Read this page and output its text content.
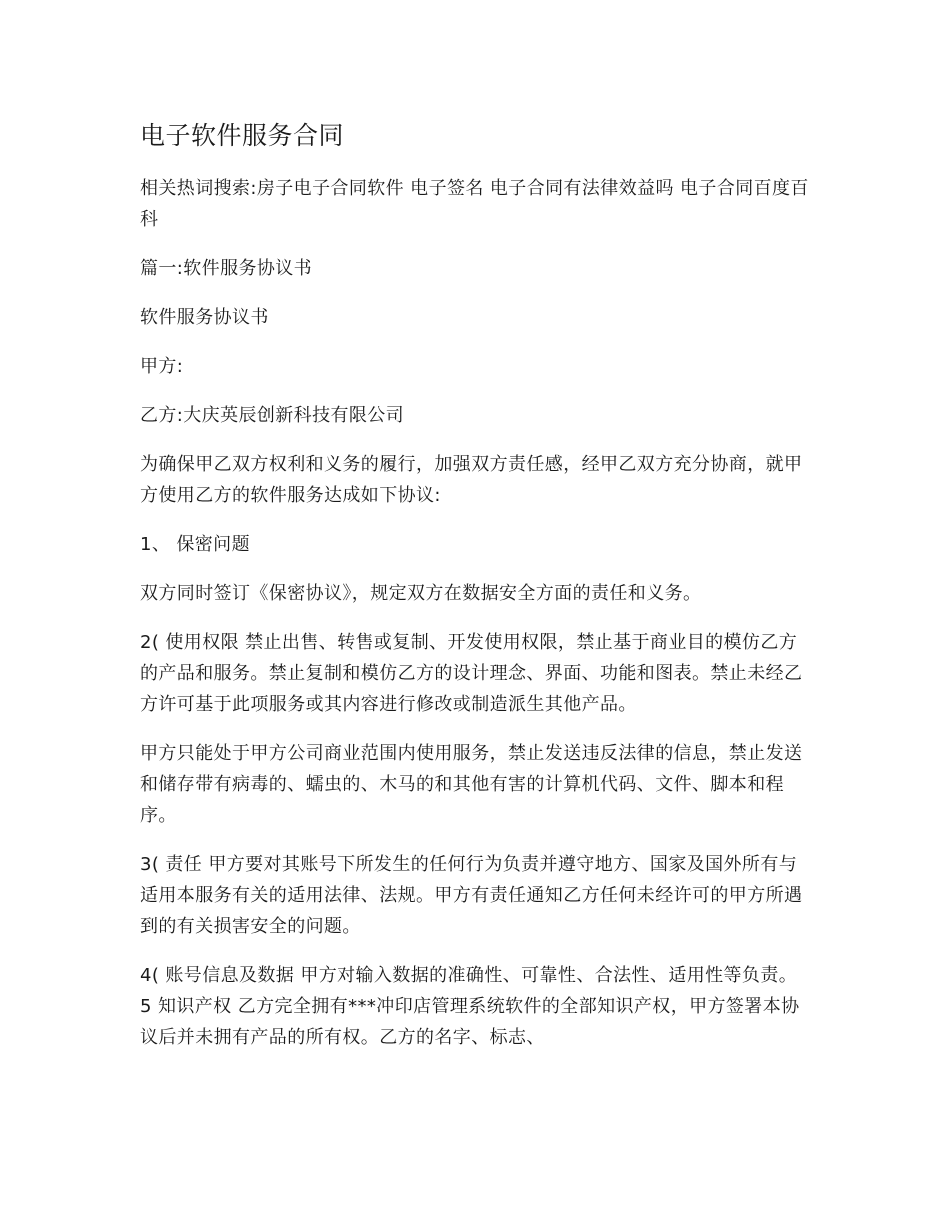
电子软件服务合同

相关热词搜索:房子电子合同软件 电子签名 电子合同有法律效益吗 电子合同百度百科

篇一:软件服务协议书

软件服务协议书

甲方:

乙方:大庆英辰创新科技有限公司

为确保甲乙双方权利和义务的履行，加强双方责任感，经甲乙双方充分协商，就甲方使用乙方的软件服务达成如下协议:

1、 保密问题

双方同时签订《保密协议》，规定双方在数据安全方面的责任和义务。

2( 使用权限 禁止出售、转售或复制、开发使用权限，禁止基于商业目的模仿乙方的产品和服务。禁止复制和模仿乙方的设计理念、界面、功能和图表。禁止未经乙方许可基于此项服务或其内容进行修改或制造派生其他产品。

甲方只能处于甲方公司商业范围内使用服务，禁止发送违反法律的信息，禁止发送和储存带有病毒的、蠕虫的、木马的和其他有害的计算机代码、文件、脚本和程序。

3( 责任 甲方要对其账号下所发生的任何行为负责并遵守地方、国家及国外所有与适用本服务有关的适用法律、法规。甲方有责任通知乙方任何未经许可的甲方所遇到的有关损害安全的问题。

4( 账号信息及数据 甲方对输入数据的准确性、可靠性、合法性、适用性等负责。 5 知识产权 乙方完全拥有***冲印店管理系统软件的全部知识产权，甲方签署本协议后并未拥有产品的所有权。乙方的名字、标志、
